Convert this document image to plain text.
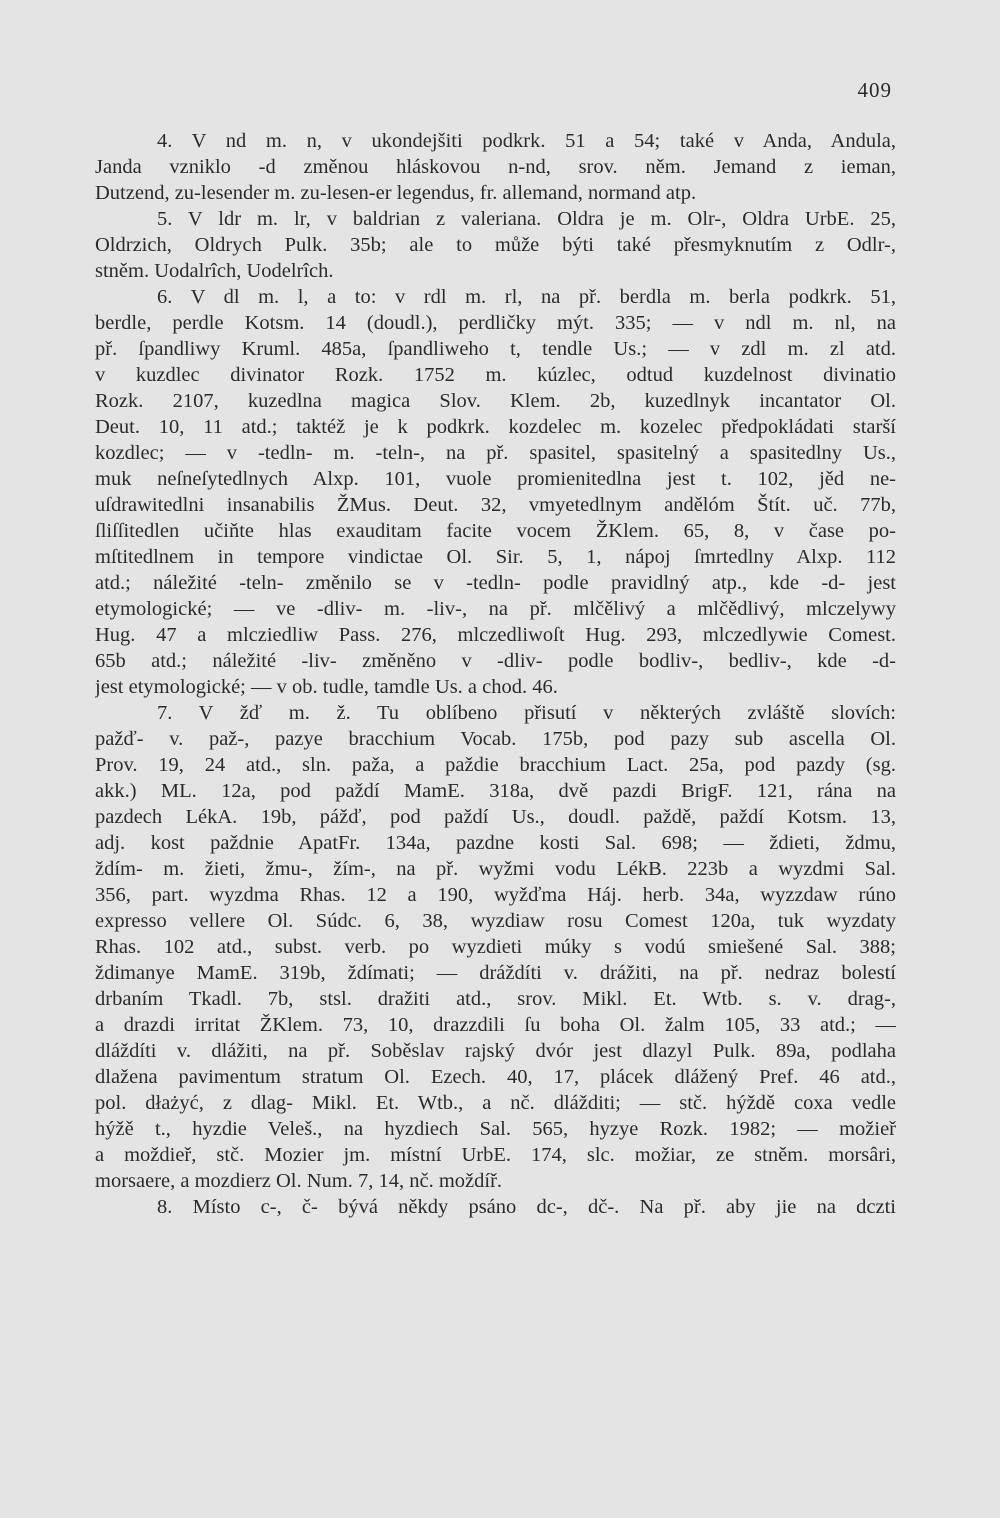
409
4. V nd m. n, v ukondejšiti podkrk. 51 a 54; také v Anda, Andula,
Janda vzniklo -d změnou hláskovou n-nd, srov. něm. Jemand z ieman,
Dutzend, zu-lesender m. zu-lesen-er legendus, fr. allemand, normand atp.
5. V ldr m. lr, v baldrian z valeriana. Oldra je m. Olr-, Oldra UrbE. 25,
Oldrzich, Oldrych Pulk. 35b; ale to může býti také přesmyknutím z Odlr-,
stněm. Uodalrîch, Uodelrîch.
6. V dl m. l, a to: v rdl m. rl, na př. berdla m. berla podkrk. 51,
berdle, perdle Kotsm. 14 (doudl.), perdličky mýt. 335; — v ndl m. nl, na
př. ſpandliwy Kruml. 485a, ſpandliweho t, tendle Us.; — v zdl m. zl atd.
v kuzdlec divinator Rozk. 1752 m. kúzlec, odtud kuzdelnost divinatio
Rozk. 2107, kuzedlna magica Slov. Klem. 2b, kuzedlnyk incantator Ol.
Deut. 10, 11 atd.; taktéž je k podkrk. kozdelec m. kozelec předpokládati starší
kozdlec; — v -tedln- m. -teln-, na př. spasitel, spasitelný a spasitedlny Us.,
muk neſneſytedlnych Alxp. 101, vuole promienitedlna jest t. 102, jěd ne-
uſdrawitedlni insanabilis ŽMus. Deut. 32, vmyetedlnym andělóm Štít. uč. 77b,
ſliſſitedlen učiňte hlas exauditam facite vocem ŽKlem. 65, 8, v čase po-
mſtitedlnem in tempore vindictae Ol. Sir. 5, 1, nápoj ſmrtedlny Alxp. 112
atd.; náležité -teln- změnilo se v -tedln- podle pravidlný atp., kde -d- jest
etymologické; — ve -dliv- m. -liv-, na př. mlčělivý a mlčědlivý, mlczelywy
Hug. 47 a mlcziedliw Pass. 276, mlczedliwoſt Hug. 293, mlczedlywie Comest.
65b atd.; náležité -liv- změněno v -dliv- podle bodliv-, bedliv-, kde -d-
jest etymologické; — v ob. tudle, tamdle Us. a chod. 46.
7. V žď m. ž. Tu oblíbeno přisutí v některých zvláště slovích:
pažď- v. paž-, pazye bracchium Vocab. 175b, pod pazy sub ascella Ol.
Prov. 19, 24 atd., sln. paža, a paždie bracchium Lact. 25a, pod pazdy (sg.
akk.) ML. 12a, pod paždí MamE. 318a, dvě pazdi BrigF. 121, rána na
pazdech LékA. 19b, pážď, pod paždí Us., doudl. paždě, paždí Kotsm. 13,
adj. kost paždnie ApatFr. 134a, pazdne kosti Sal. 698; — ždieti, ždmu,
ždím- m. žieti, žmu-, žím-, na př. wyžmi vodu LékB. 223b a wyzdmi Sal.
356, part. wyzdma Rhas. 12 a 190, wyžďma Háj. herb. 34a, wyzzdaw rúno
expresso vellere Ol. Súdc. 6, 38, wyzdiaw rosu Comest 120a, tuk wyzdaty
Rhas. 102 atd., subst. verb. po wyzdieti múky s vodú smiešené Sal. 388;
ždimanye MamE. 319b, ždímati; — dráždíti v. drážiti, na př. nedraz bolestí
drbaním Tkadl. 7b, stsl. dražiti atd., srov. Mikl. Et. Wtb. s. v. drag-,
a drazdi irritat ŽKlem. 73, 10, drazzdili ſu boha Ol. žalm 105, 33 atd.; —
dláždíti v. dlážiti, na př. Soběslav rajský dvór jest dlazyl Pulk. 89a, podlaha
dlažena pavimentum stratum Ol. Ezech. 40, 17, plácek dlážený Pref. 46 atd.,
pol. dłażyć, z dlag- Mikl. Et. Wtb., a nč. dlážditi; — stč. hýždě coxa vedle
hýžě t., hyzdie Veleš., na hyzdiech Sal. 565, hyzye Rozk. 1982; — možieř
a moždieř, stč. Mozier jm. místní UrbE. 174, slc. možiar, ze stněm. morsâri,
morsaere, a mozdierz Ol. Num. 7, 14, nč. moždíř.
8. Místo c-, č- bývá někdy psáno dc-, dč-. Na př. aby jie na dczti
